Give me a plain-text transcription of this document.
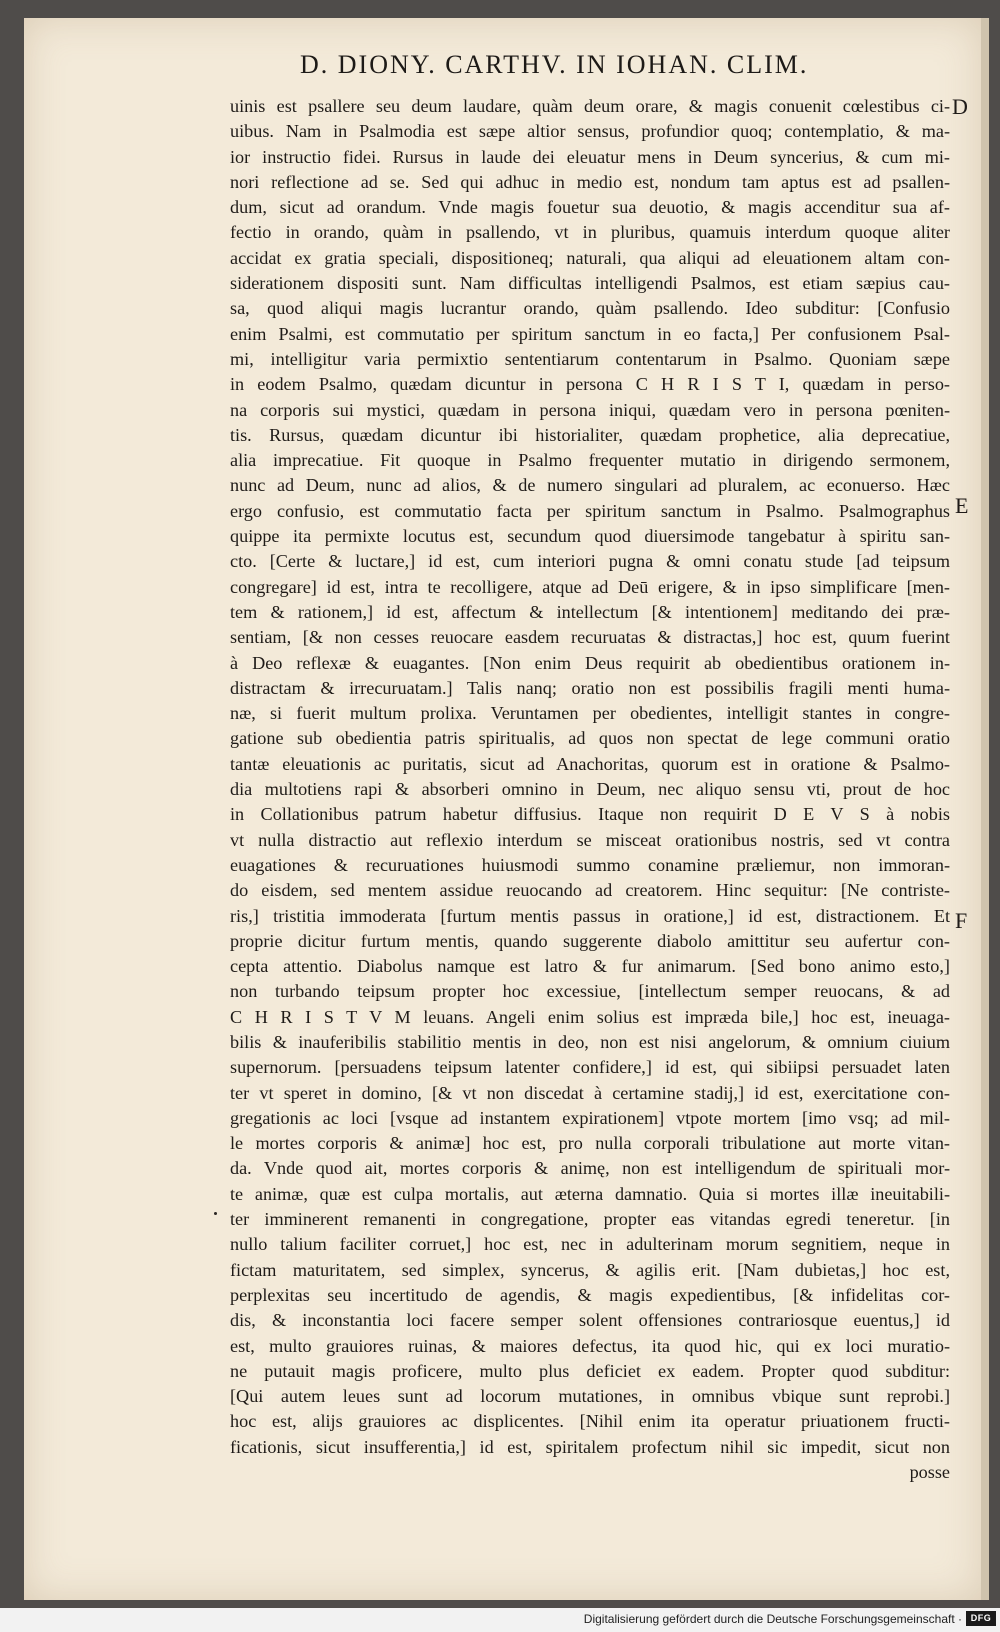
D. DIONY. CARTHV. IN IOHAN. CLIM.

D

E

F

uinis est psallere seu deum laudare, quàm deum orare, & magis conuenit cœlestibus ci-
uibus. Nam in Psalmodia est sæpe altior sensus, profundior quoq; contemplatio, & ma-
ior instructio fidei. Rursus in laude dei eleuatur mens in Deum syncerius, & cum mi-
nori reflectione ad se. Sed qui adhuc in medio est, nondum tam aptus est ad psallen-
dum, sicut ad orandum. Vnde magis fouetur sua deuotio, & magis accenditur sua af-
fectio in orando, quàm in psallendo, vt in pluribus, quamuis interdum quoque aliter
accidat ex gratia speciali, dispositioneq; naturali, qua aliqui ad eleuationem altam con-
siderationem dispositi sunt. Nam difficultas intelligendi Psalmos, est etiam sæpius cau-
sa, quod aliqui magis lucrantur orando, quàm psallendo. Ideo subditur: [Confusio
enim Psalmi, est commutatio per spiritum sanctum in eo facta,] Per confusionem Psal-
mi, intelligitur varia permixtio sententiarum contentarum in Psalmo. Quoniam sæpe
in eodem Psalmo, quædam dicuntur in persona C H R I S T I, quædam in perso-
na corporis sui mystici, quædam in persona iniqui, quædam vero in persona pœniten-
tis. Rursus, quædam dicuntur ibi historialiter, quædam prophetice, alia deprecatiue,
alia imprecatiue. Fit quoque in Psalmo frequenter mutatio in dirigendo sermonem,
nunc ad Deum, nunc ad alios, & de numero singulari ad pluralem, ac econuerso. Hæc
ergo confusio, est commutatio facta per spiritum sanctum in Psalmo. Psalmographus
quippe ita permixte locutus est, secundum quod diuersimode tangebatur à spiritu san-
cto. [Certe & luctare,] id est, cum interiori pugna & omni conatu stude [ad teipsum
congregare] id est, intra te recolligere, atque ad Deū erigere, & in ipso simplificare [men-
tem & rationem,] id est, affectum & intellectum [& intentionem] meditando dei præ-
sentiam, [& non cesses reuocare easdem recuruatas & distractas,] hoc est, quum fuerint
à Deo reflexæ & euagantes. [Non enim Deus requirit ab obedientibus orationem in-
distractam & irrecuruatam.] Talis nanq; oratio non est possibilis fragili menti huma-
næ, si fuerit multum prolixa. Veruntamen per obedientes, intelligit stantes in congre-
gatione sub obedientia patris spiritualis, ad quos non spectat de lege communi oratio
tantæ eleuationis ac puritatis, sicut ad Anachoritas, quorum est in oratione & Psalmo-
dia multotiens rapi & absorberi omnino in Deum, nec aliquo sensu vti, prout de hoc
in Collationibus patrum habetur diffusius. Itaque non requirit D E V S à nobis
vt nulla distractio aut reflexio interdum se misceat orationibus nostris, sed vt contra
euagationes & recuruationes huiusmodi summo conamine præliemur, non immoran-
do eisdem, sed mentem assidue reuocando ad creatorem. Hinc sequitur: [Ne contriste-
ris,] tristitia immoderata [furtum mentis passus in oratione,] id est, distractionem. Et
proprie dicitur furtum mentis, quando suggerente diabolo amittitur seu aufertur con-
cepta attentio. Diabolus namque est latro & fur animarum. [Sed bono animo esto,]
non turbando teipsum propter hoc excessiue, [intellectum semper reuocans, & ad
C H R I S T V M leuans. Angeli enim solius est impræda bile,] hoc est, ineuaga-
bilis & inauferibilis stabilitio mentis in deo, non est nisi angelorum, & omnium ciuium
supernorum. [persuadens teipsum latenter confidere,] id est, qui sibiipsi persuadet laten
ter vt speret in domino, [& vt non discedat à certamine stadij,] id est, exercitatione con-
gregationis ac loci [vsque ad instantem expirationem] vtpote mortem [imo vsq; ad mil-
le mortes corporis & animæ] hoc est, pro nulla corporali tribulatione aut morte vitan-
da. Vnde quod ait, mortes corporis & animę, non est intelligendum de spirituali mor-
te animæ, quæ est culpa mortalis, aut æterna damnatio. Quia si mortes illæ ineuitabili-
ter imminerent remanenti in congregatione, propter eas vitandas egredi teneretur. [in
nullo talium faciliter corruet,] hoc est, nec in adulterinam morum segnitiem, neque in
fictam maturitatem, sed simplex, syncerus, & agilis erit. [Nam dubietas,] hoc est,
perplexitas seu incertitudo de agendis, & magis expedientibus, [& infidelitas cor-
dis, & inconstantia loci facere semper solent offensiones contrariosque euentus,] id
est, multo grauiores ruinas, & maiores defectus, ita quod hic, qui ex loci muratio-
ne putauit magis proficere, multo plus deficiet ex eadem. Propter quod subditur:
[Qui autem leues sunt ad locorum mutationes, in omnibus vbique sunt reprobi.]
hoc est, alijs grauiores ac displicentes. [Nihil enim ita operatur priuationem fructi-
ficationis, sicut insufferentia,] id est, spiritalem profectum nihil sic impedit, sicut non
posse

Digitalisierung gefördert durch die Deutsche Forschungsgemeinschaft · DFG
